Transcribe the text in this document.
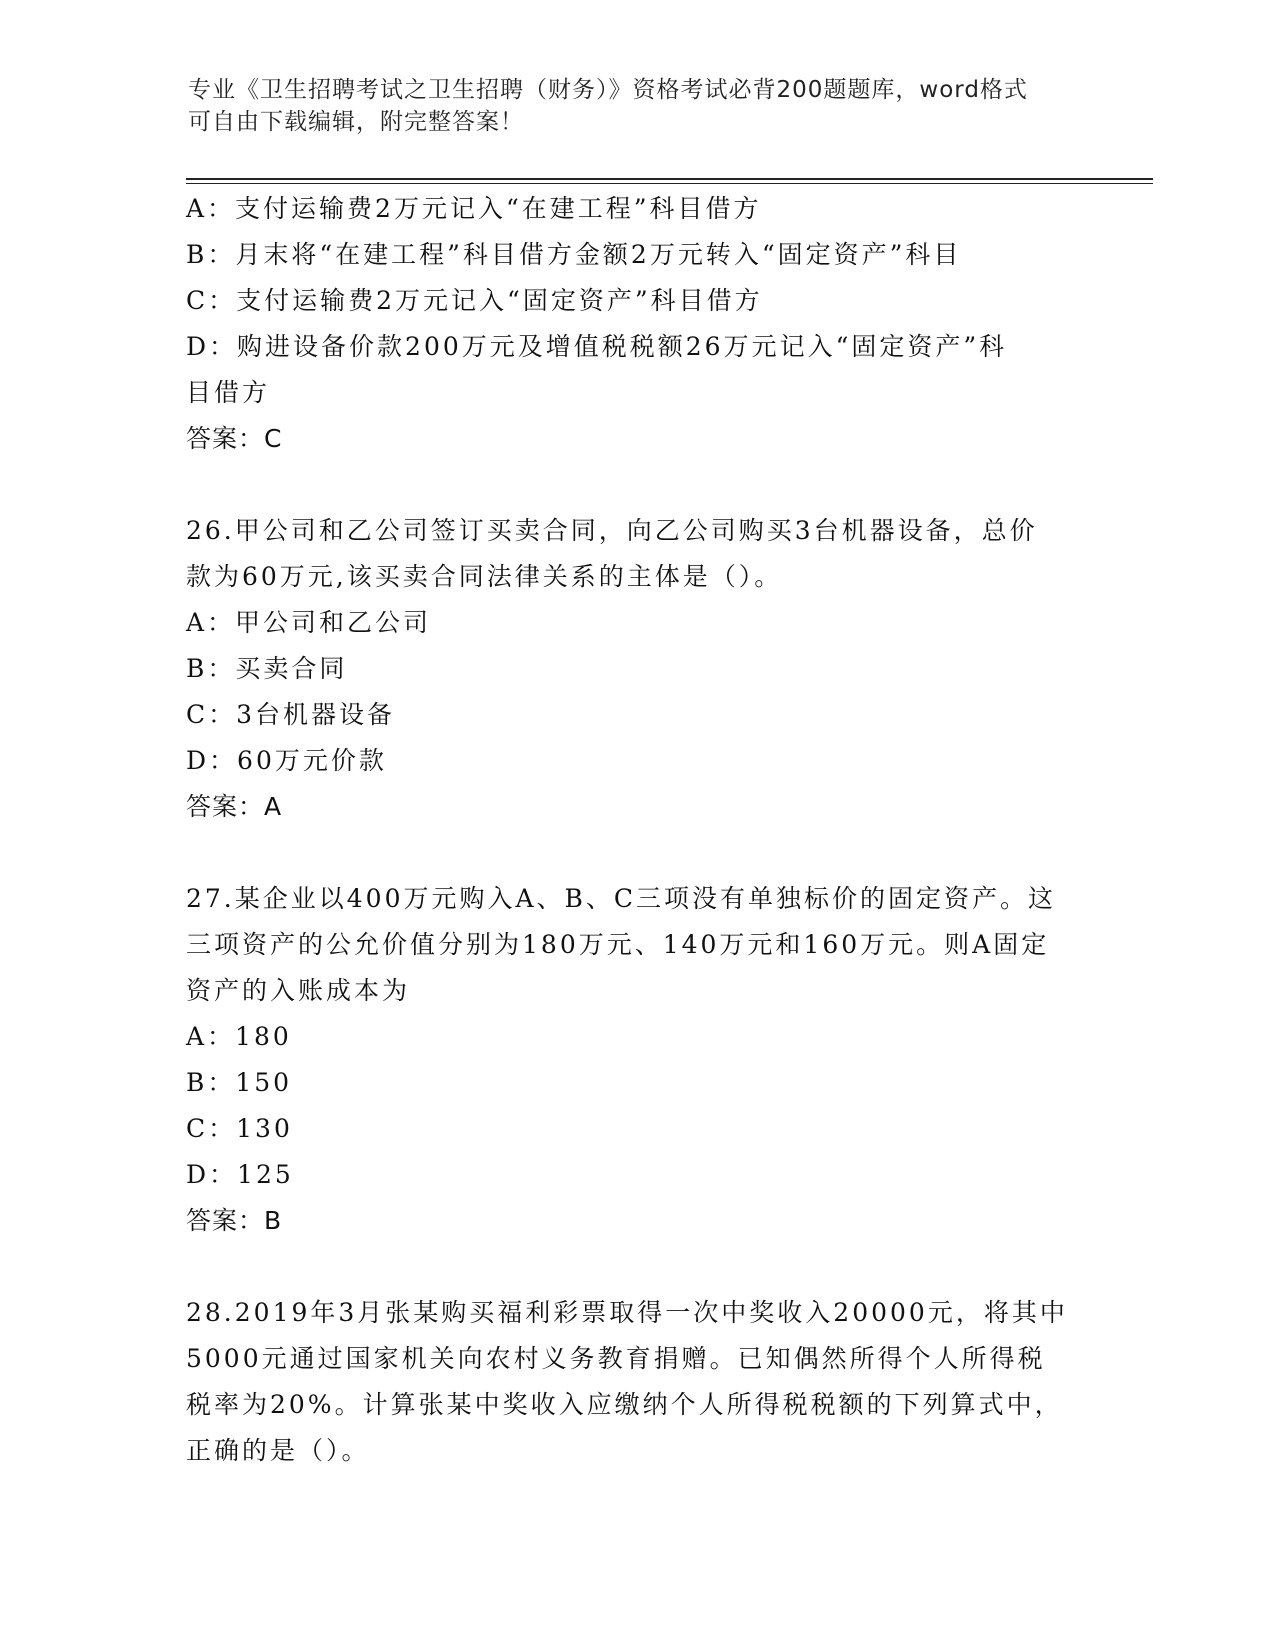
专业《卫生招聘考试之卫生招聘（财务）》资格考试必背200题题库，word格式

可自由下载编辑，附完整答案！

A：支付运输费2万元记入“在建工程”科目借方

B：月末将“在建工程”科目借方金额2万元转入“固定资产”科目

C：支付运输费2万元记入“固定资产”科目借方

D：购进设备价款200万元及增值税税额26万元记入“固定资产”科

目借方

答案：C

26.甲公司和乙公司签订买卖合同，向乙公司购买3台机器设备，总价

款为60万元,该买卖合同法律关系的主体是（）。

A：甲公司和乙公司

B：买卖合同

C：3台机器设备

D：60万元价款

答案：A

27.某企业以400万元购入A、B、C三项没有单独标价的固定资产。这

三项资产的公允价值分别为180万元、140万元和160万元。则A固定

资产的入账成本为

A：180

B：150

C：130

D：125

答案：B

28.2019年3月张某购买福利彩票取得一次中奖收入20000元，将其中

5000元通过国家机关向农村义务教育捐赠。已知偶然所得个人所得税

税率为20%。计算张某中奖收入应缴纳个人所得税税额的下列算式中，

正确的是（）。
